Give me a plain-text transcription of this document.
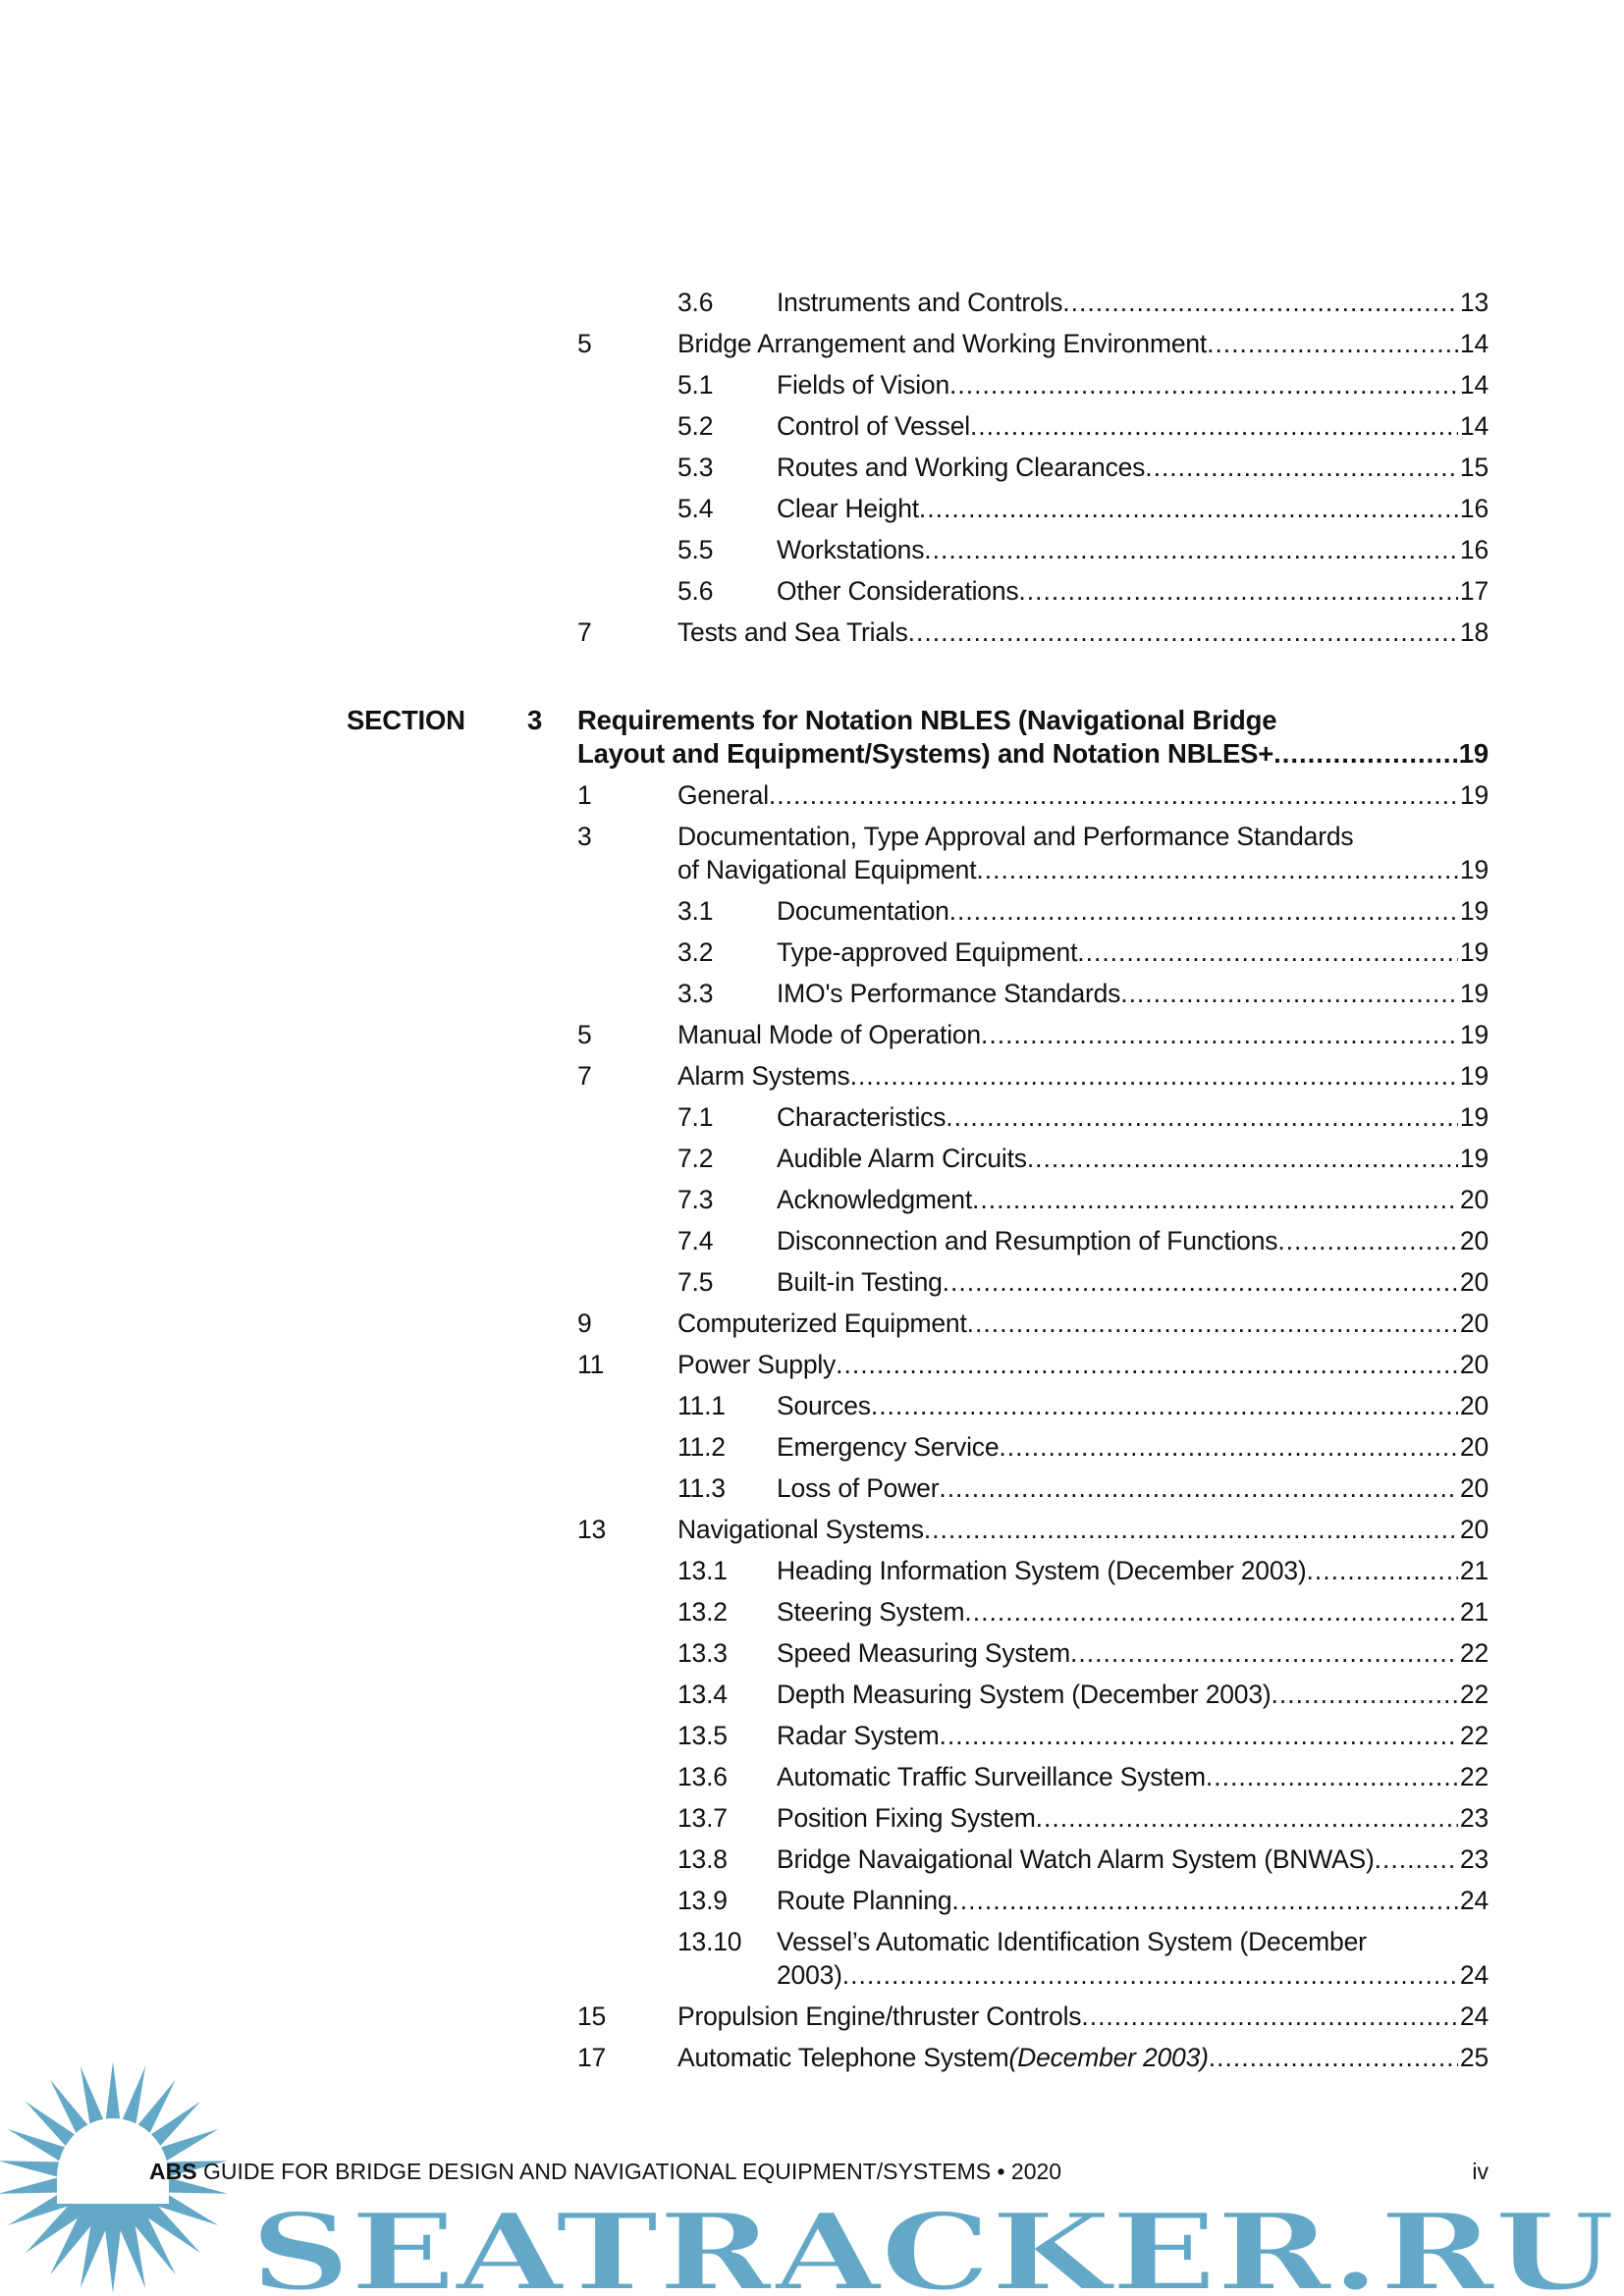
SEATRACKER.RU
3.6 Instruments and Controls .....	13
5	Bridge Arrangement and Working Environment .....	14
5.1 Fields of Vision .....	14
5.2 Control of Vessel .....	14
5.3 Routes and Working Clearances .....	15
5.4 Clear Height .....	16
5.5 Workstations .....	16
5.6 Other Considerations .....	17
7	Tests and Sea Trials .....	18
SECTION 3 Requirements for Notation NBLES (Navigational Bridge
Layout and Equipment/Systems) and Notation NBLES+ .....	19
1	General .....	19
3	Documentation, Type Approval and Performance Standards
of Navigational Equipment .....	19
3.1 Documentation .....	19
3.2 Type-approved Equipment .....	19
3.3 IMO's Performance Standards .....	19
5	Manual Mode of Operation .....	19
7	Alarm Systems .....	19
7.1 Characteristics .....	19
7.2 Audible Alarm Circuits .....	19
7.3 Acknowledgment .....	20
7.4 Disconnection and Resumption of Functions .....	20
7.5 Built-in Testing .....	20
9	Computerized Equipment .....	20
11	Power Supply .....	20
11.1 Sources .....	20
11.2 Emergency Service .....	20
11.3 Loss of Power .....	20
13	Navigational Systems .....	20
13.1 Heading Information System (December 2003) .....	21
13.2 Steering System .....	21
13.3 Speed Measuring System .....	22
13.4 Depth Measuring System (December 2003) .....	22
13.5 Radar System .....	22
13.6 Automatic Traffic Surveillance System .....	22
13.7 Position Fixing System .....	23
13.8 Bridge Navaigational Watch Alarm System (BNWAS) .....	23
13.9 Route Planning .....	24
13.10 Vessel’s Automatic Identification System (December
2003) .....	24
15	Propulsion Engine/thruster Controls .....	24
17	Automatic Telephone System (December 2003) .....	25
ABS GUIDE FOR BRIDGE DESIGN AND NAVIGATIONAL EQUIPMENT/SYSTEMS • 2020	iv
